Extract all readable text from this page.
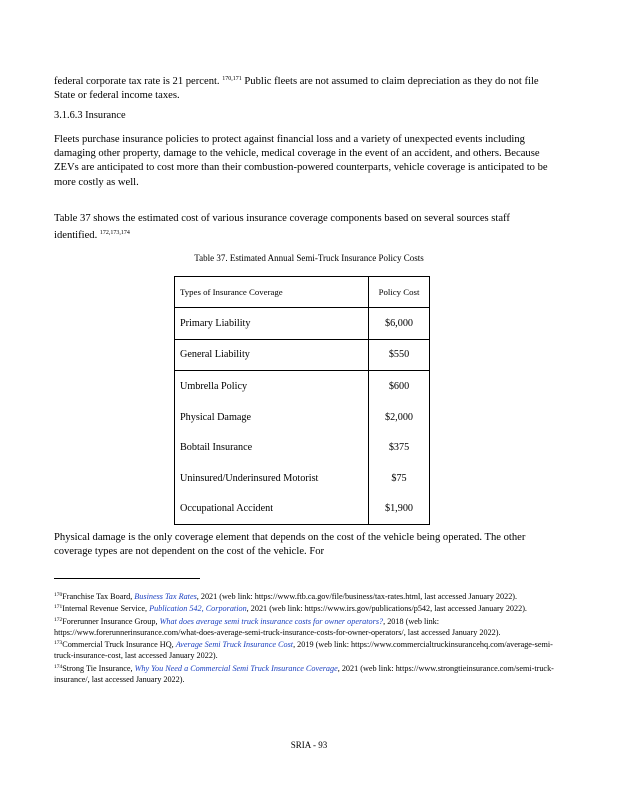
federal corporate tax rate is 21 percent. $^{170,171}$ Public fleets are not assumed to claim depreciation as they do not file State or federal income taxes.

3.1.6.3 Insurance

Fleets purchase insurance policies to protect against financial loss and a variety of unexpected events including damaging other property, damage to the vehicle, medical coverage in the event of an accident, and others. Because ZEVs are anticipated to cost more than their combustion-powered counterparts, vehicle coverage is anticipated to be more costly as well.

Table 37 shows the estimated cost of various insurance coverage components based on several sources staff identified. $^{172,173,174}$

Table 37. Estimated Annual Semi-Truck Insurance Policy Costs
Types of Insurance Coverage	Policy Cost
Primary Liability	$6,000
General Liability	$550
Umbrella Policy	$600
Physical Damage	$2,000
Bobtail Insurance	$375
Uninsured/Underinsured Motorist	$75
Occupational Accident	$1,900

Physical damage is the only coverage element that depends on the cost of the vehicle being operated. The other coverage types are not dependent on the cost of the vehicle. For

$^{170}$Franchise Tax Board, Business Tax Rates, 2021 (web link: https://www.ftb.ca.gov/file/business/tax-rates.html, last accessed January 2022).

$^{171}$Internal Revenue Service, Publication 542, Corporation, 2021 (web link: https://www.irs.gov/publications/p542, last accessed January 2022).

$^{172}$Forerunner Insurance Group, What does average semi truck insurance costs for owner operators?, 2018 (web link: https://www.forerunnerinsurance.com/what-does-average-semi-truck-insurance-costs-for-owner-operators/, last accessed January 2022).

$^{173}$Commercial Truck Insurance HQ, Average Semi Truck Insurance Cost, 2019 (web link: https://www.commercialtruckinsurancehq.com/average-semi-truck-insurance-cost, last accessed January 2022).

$^{174}$Strong Tie Insurance, Why You Need a Commercial Semi Truck Insurance Coverage, 2021 (web link: https://www.strongtieinsurance.com/semi-truck-insurance/, last accessed January 2022).

SRIA - 93
